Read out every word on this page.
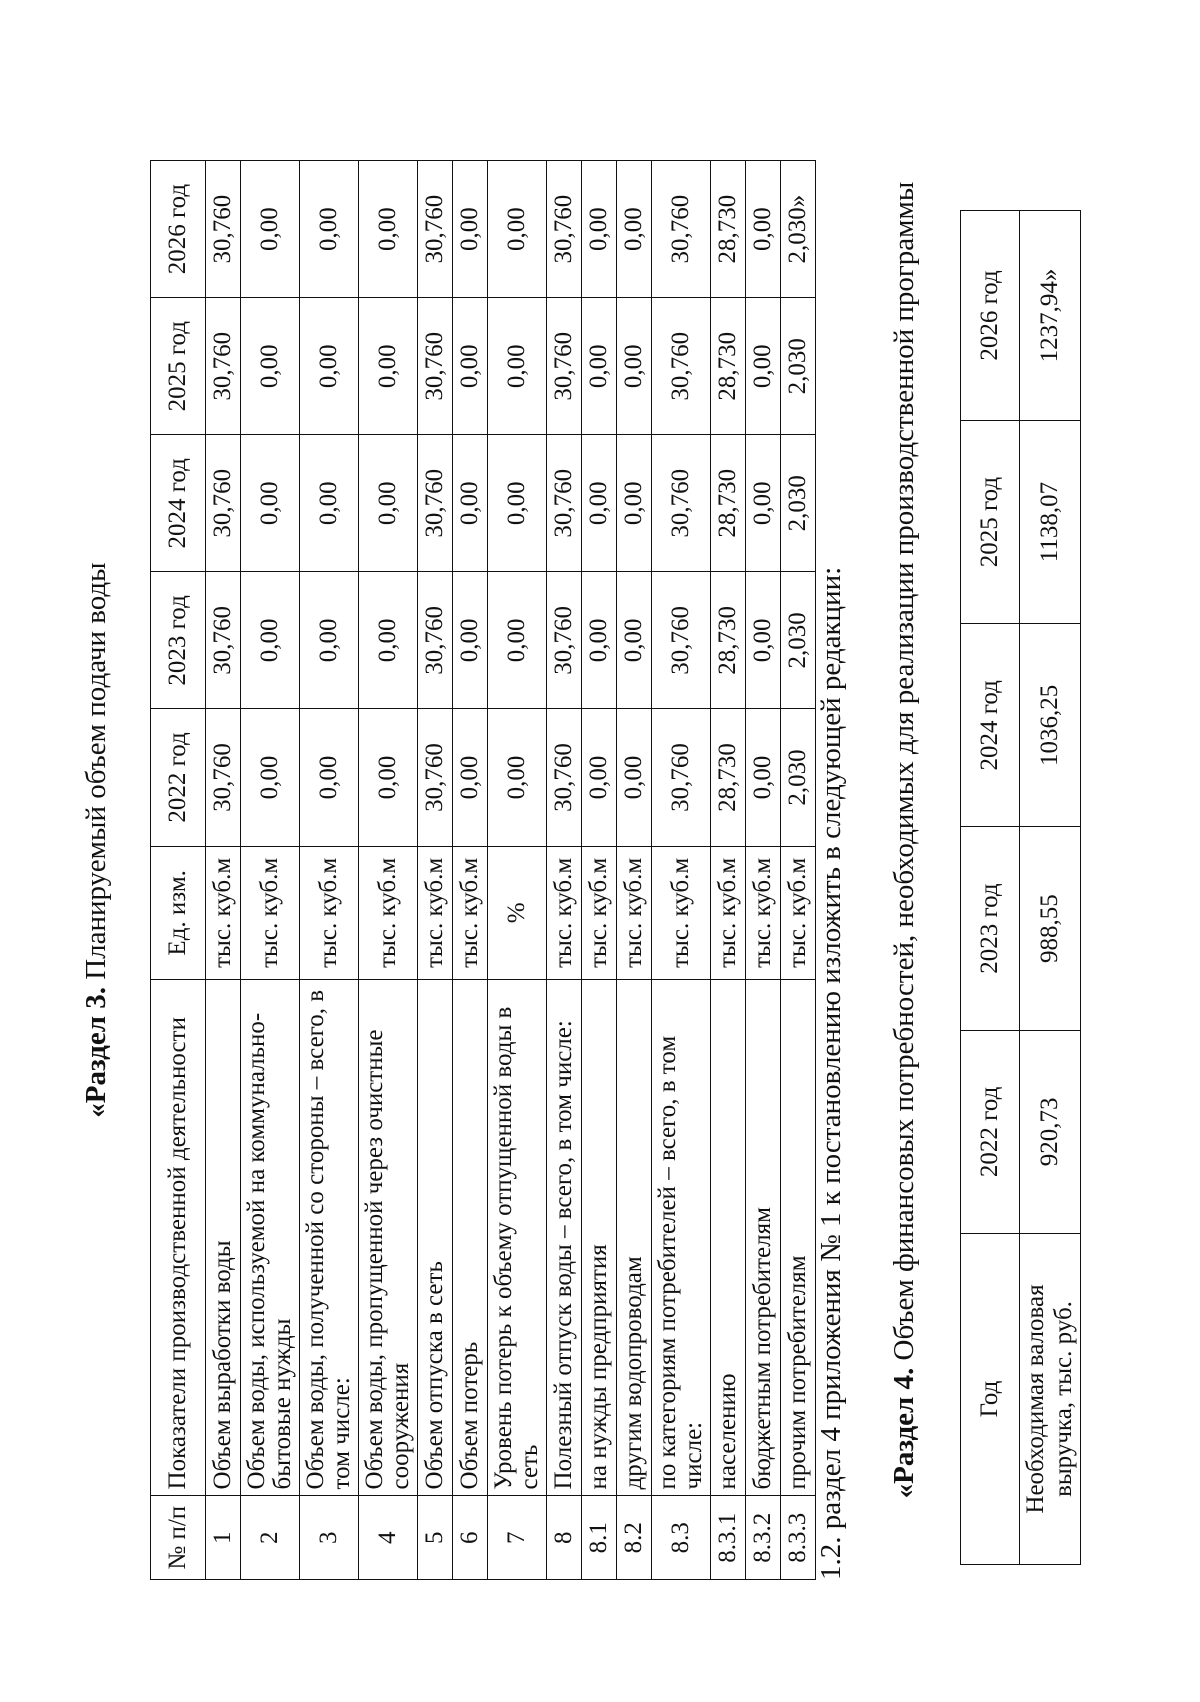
«Раздел 3. Планируемый объем подачи воды
№ п/п	Показатели производственной деятельности	Ед. изм.	2022 год	2023 год	2024 год	2025 год	2026 год
1	Объем выработки воды	тыс. куб.м	30,760	30,760	30,760	30,760	30,760
2	Объем воды, используемой на коммунально-бытовые нужды	тыс. куб.м	0,00	0,00	0,00	0,00	0,00
3	Объем воды, полученной со стороны – всего, в том числе:	тыс. куб.м	0,00	0,00	0,00	0,00	0,00
4	Объем воды, пропущенной через очистные сооружения	тыс. куб.м	0,00	0,00	0,00	0,00	0,00
5	Объем отпуска в сеть	тыс. куб.м	30,760	30,760	30,760	30,760	30,760
6	Объем потерь	тыс. куб.м	0,00	0,00	0,00	0,00	0,00
7	Уровень потерь к объему отпущенной воды в сеть	%	0,00	0,00	0,00	0,00	0,00
8	Полезный отпуск воды – всего, в том числе:	тыс. куб.м	30,760	30,760	30,760	30,760	30,760
8.1	на нужды предприятия	тыс. куб.м	0,00	0,00	0,00	0,00	0,00
8.2	другим водопроводам	тыс. куб.м	0,00	0,00	0,00	0,00	0,00
8.3	по категориям потребителей – всего, в том числе:	тыс. куб.м	30,760	30,760	30,760	30,760	30,760
8.3.1	населению	тыс. куб.м	28,730	28,730	28,730	28,730	28,730
8.3.2	бюджетным потребителям	тыс. куб.м	0,00	0,00	0,00	0,00	0,00
8.3.3	прочим потребителям	тыс. куб.м	2,030	2,030	2,030	2,030	2,030»
1.2. раздел 4 приложения № 1 к постановлению изложить в следующей редакции: «Раздел 4. Объем финансовых потребностей, необходимых для реализации производственной программы
Год	2022 год	2023 год	2024 год	2025 год	2026 год
Необходимая валовая выручка, тыс. руб.	920,73	988,55	1036,25	1138,07	1237,94»
